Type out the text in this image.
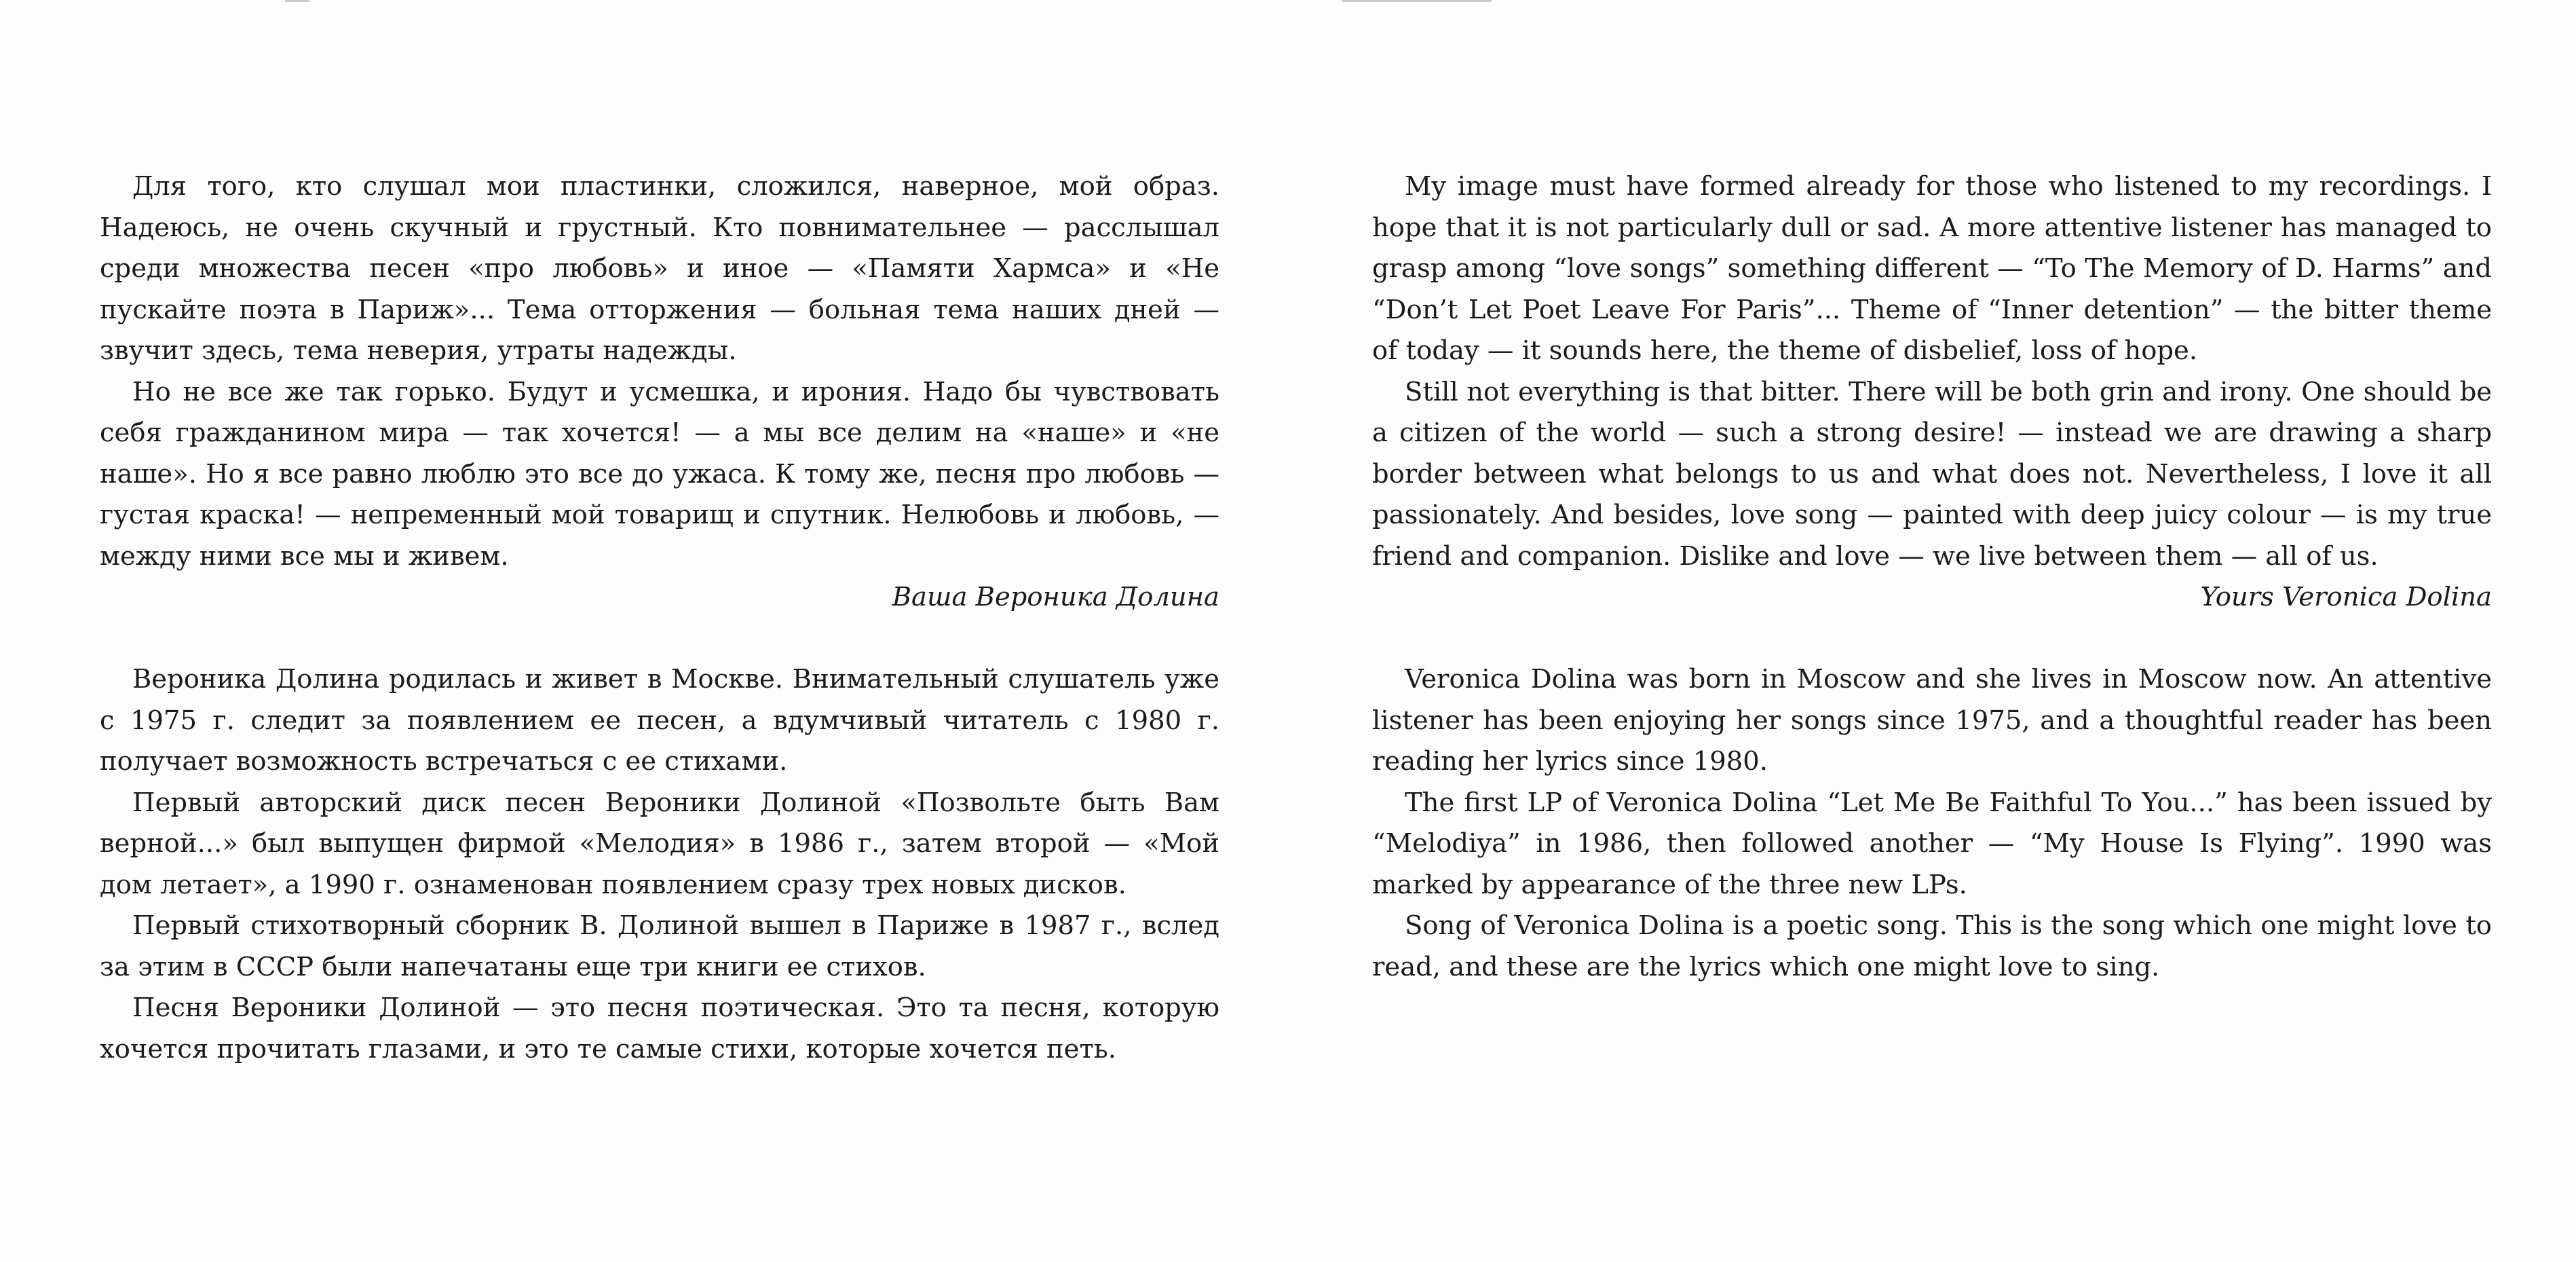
Для того, кто слушал мои пластинки, сложился, наверное, мой образ. Надеюсь, не очень скучный и грустный. Кто повнимательнее — расслышал среди множества песен «про любовь» и иное — «Памяти Хармса» и «Не пускайте поэта в Париж»... Тема отторжения — больная тема наших дней — звучит здесь, тема неверия, утраты надежды.

Но не все же так горько. Будут и усмешка, и ирония. Надо бы чувствовать себя гражданином мира — так хочется! — а мы все делим на «наше» и «не наше». Но я все равно люблю это все до ужаса. К тому же, песня про любовь — густая краска! — непременный мой товарищ и спутник. Нелюбовь и любовь, — между ними все мы и живем.

Ваша Вероника Долина

Вероника Долина родилась и живет в Москве. Внимательный слушатель уже с 1975 г. следит за появлением ее песен, а вдумчивый читатель с 1980 г. получает возможность встречаться с ее стихами.

Первый авторский диск песен Вероники Долиной «Позвольте быть Вам верной...» был выпущен фирмой «Мелодия» в 1986 г., затем второй — «Мой дом летает», а 1990 г. ознаменован появлением сразу трех новых дисков.

Первый стихотворный сборник В. Долиной вышел в Париже в 1987 г., вслед за этим в СССР были напечатаны еще три книги ее стихов.

Песня Вероники Долиной — это песня поэтическая. Это та песня, которую хочется прочитать глазами, и это те самые стихи, которые хочется петь.

My image must have formed already for those who listened to my recordings. I hope that it is not particularly dull or sad. A more attentive listener has managed to grasp among “love songs” something different — “To The Memory of D. Harms” and “Don’t Let Poet Leave For Paris”... Theme of “Inner detention” — the bitter theme of today — it sounds here, the theme of disbelief, loss of hope.

Still not everything is that bitter. There will be both grin and irony. One should be a citizen of the world — such a strong desire! — instead we are drawing a sharp border between what belongs to us and what does not. Nevertheless, I love it all passionately. And besides, love song — painted with deep juicy colour — is my true friend and companion. Dislike and love — we live between them — all of us.

Yours Veronica Dolina

Veronica Dolina was born in Moscow and she lives in Moscow now. An attentive listener has been enjoying her songs since 1975, and a thoughtful reader has been reading her lyrics since 1980.

The first LP of Veronica Dolina “Let Me Be Faithful To You...” has been issued by “Melodiya” in 1986, then followed another — “My House Is Flying”. 1990 was marked by appearance of the three new LPs.

Song of Veronica Dolina is a poetic song. This is the song which one might love to read, and these are the lyrics which one might love to sing.
